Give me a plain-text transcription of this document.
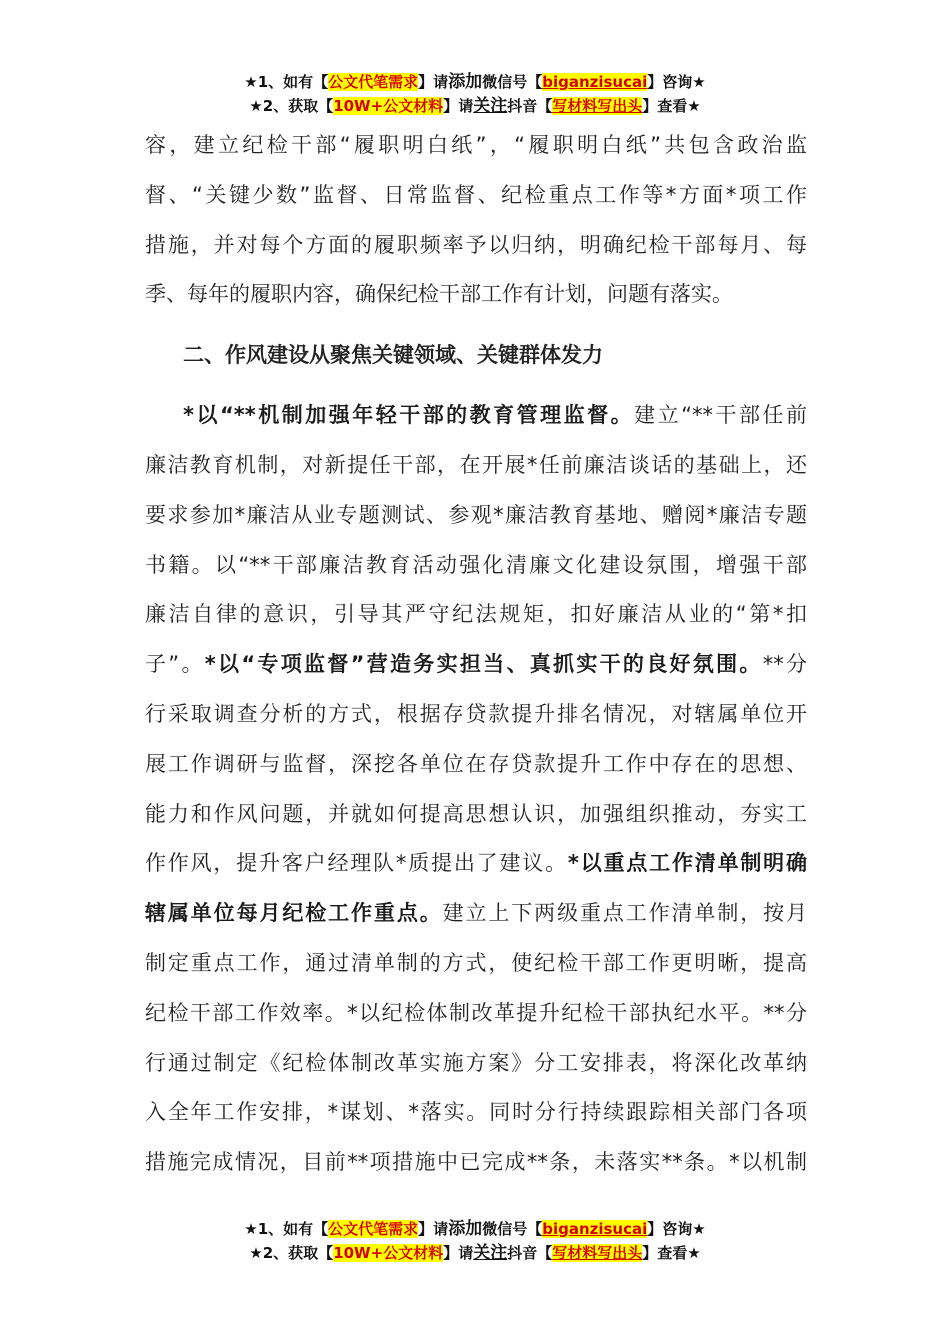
★1、如有【公文代笔需求】请添加微信号【biganzisucai】咨询★
★2、获取【10W+公文材料】请关注抖音【写材料写出头】查看★
容，建立纪检干部“履职明白纸”，“履职明白纸”共包含政治监
督、“关键少数”监督、日常监督、纪检重点工作等*方面*项工作
措施，并对每个方面的履职频率予以归纳，明确纪检干部每月、每
季、每年的履职内容，确保纪检干部工作有计划，问题有落实。
二、作风建设从聚焦关键领域、关键群体发力
*以“**机制加强年轻干部的教育管理监督。建立“**干部任前
廉洁教育机制，对新提任干部，在开展*任前廉洁谈话的基础上，还
要求参加*廉洁从业专题测试、参观*廉洁教育基地、赠阅*廉洁专题
书籍。以“**干部廉洁教育活动强化清廉文化建设氛围，增强干部
廉洁自律的意识，引导其严守纪法规矩，扣好廉洁从业的“第*扣
子”。*以“专项监督”营造务实担当、真抓实干的良好氛围。**分
行采取调查分析的方式，根据存贷款提升排名情况，对辖属单位开
展工作调研与监督，深挖各单位在存贷款提升工作中存在的思想、
能力和作风问题，并就如何提高思想认识，加强组织推动，夯实工
作作风，提升客户经理队*质提出了建议。*以重点工作清单制明确
辖属单位每月纪检工作重点。建立上下两级重点工作清单制，按月
制定重点工作，通过清单制的方式，使纪检干部工作更明晰，提高
纪检干部工作效率。*以纪检体制改革提升纪检干部执纪水平。**分
行通过制定《纪检体制改革实施方案》分工安排表，将深化改革纳
入全年工作安排，*谋划、*落实。同时分行持续跟踪相关部门各项
措施完成情况，目前**项措施中已完成**条，未落实**条。*以机制
★1、如有【公文代笔需求】请添加微信号【biganzisucai】咨询★
★2、获取【10W+公文材料】请关注抖音【写材料写出头】查看★
